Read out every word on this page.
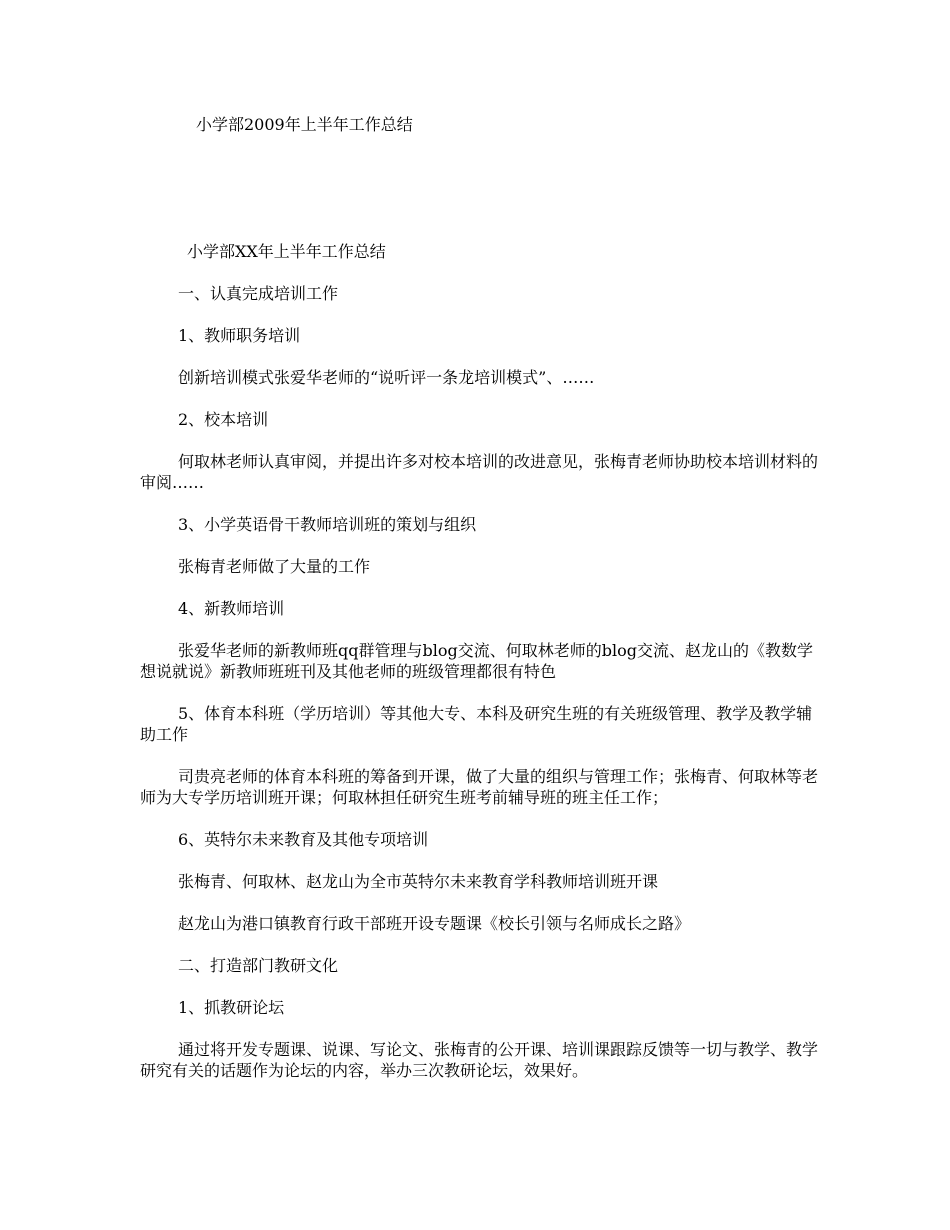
小学部2009年上半年工作总结

小学部XX年上半年工作总结

一、认真完成培训工作

1、教师职务培训

创新培训模式张爱华老师的“说听评一条龙培训模式”、……

2、校本培训

何取林老师认真审阅，并提出许多对校本培训的改进意见，张梅青老师协助校本培训材料的审阅……

3、小学英语骨干教师培训班的策划与组织

张梅青老师做了大量的工作

4、新教师培训

张爱华老师的新教师班qq群管理与blog交流、何取林老师的blog交流、赵龙山的《教数学想说就说》新教师班班刊及其他老师的班级管理都很有特色

5、体育本科班（学历培训）等其他大专、本科及研究生班的有关班级管理、教学及教学辅助工作

司贵亮老师的体育本科班的筹备到开课，做了大量的组织与管理工作；张梅青、何取林等老师为大专学历培训班开课；何取林担任研究生班考前辅导班的班主任工作；

6、英特尔未来教育及其他专项培训

张梅青、何取林、赵龙山为全市英特尔未来教育学科教师培训班开课

赵龙山为港口镇教育行政干部班开设专题课《校长引领与名师成长之路》

二、打造部门教研文化

1、抓教研论坛

通过将开发专题课、说课、写论文、张梅青的公开课、培训课跟踪反馈等一切与教学、教学研究有关的话题作为论坛的内容，举办三次教研论坛，效果好。
